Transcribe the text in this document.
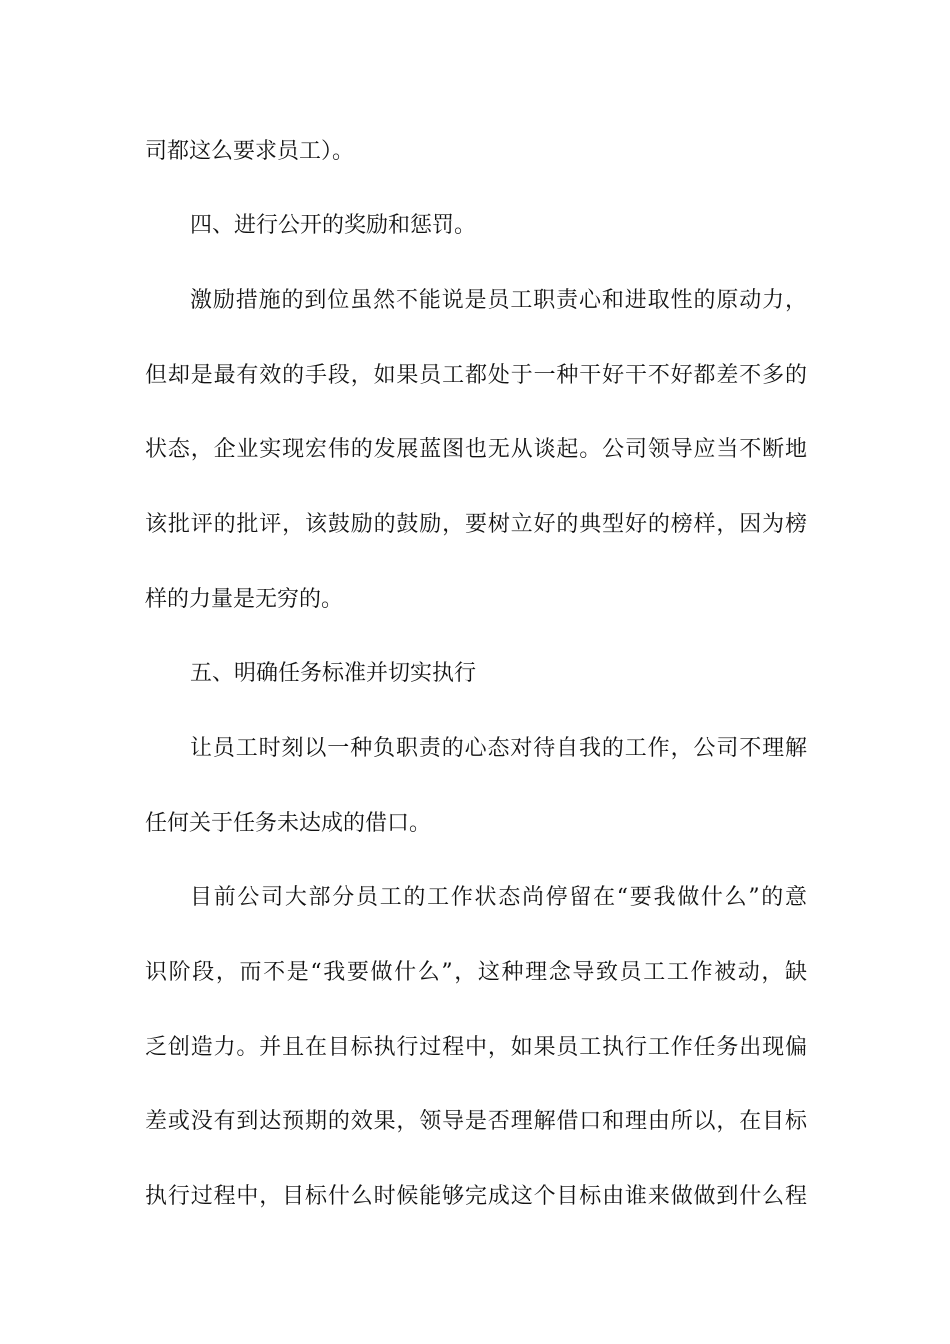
司都这么要求员工）。
四、进行公开的奖励和惩罚。
激励措施的到位虽然不能说是员工职责心和进取性的原动力，
但却是最有效的手段，如果员工都处于一种干好干不好都差不多的
状态，企业实现宏伟的发展蓝图也无从谈起。公司领导应当不断地
该批评的批评，该鼓励的鼓励，要树立好的典型好的榜样，因为榜
样的力量是无穷的。
五、明确任务标准并切实执行
让员工时刻以一种负职责的心态对待自我的工作，公司不理解
任何关于任务未达成的借口。
目前公司大部分员工的工作状态尚停留在“要我做什么”的意
识阶段，而不是“我要做什么”，这种理念导致员工工作被动，缺
乏创造力。并且在目标执行过程中，如果员工执行工作任务出现偏
差或没有到达预期的效果，领导是否理解借口和理由所以，在目标
执行过程中，目标什么时候能够完成这个目标由谁来做做到什么程
